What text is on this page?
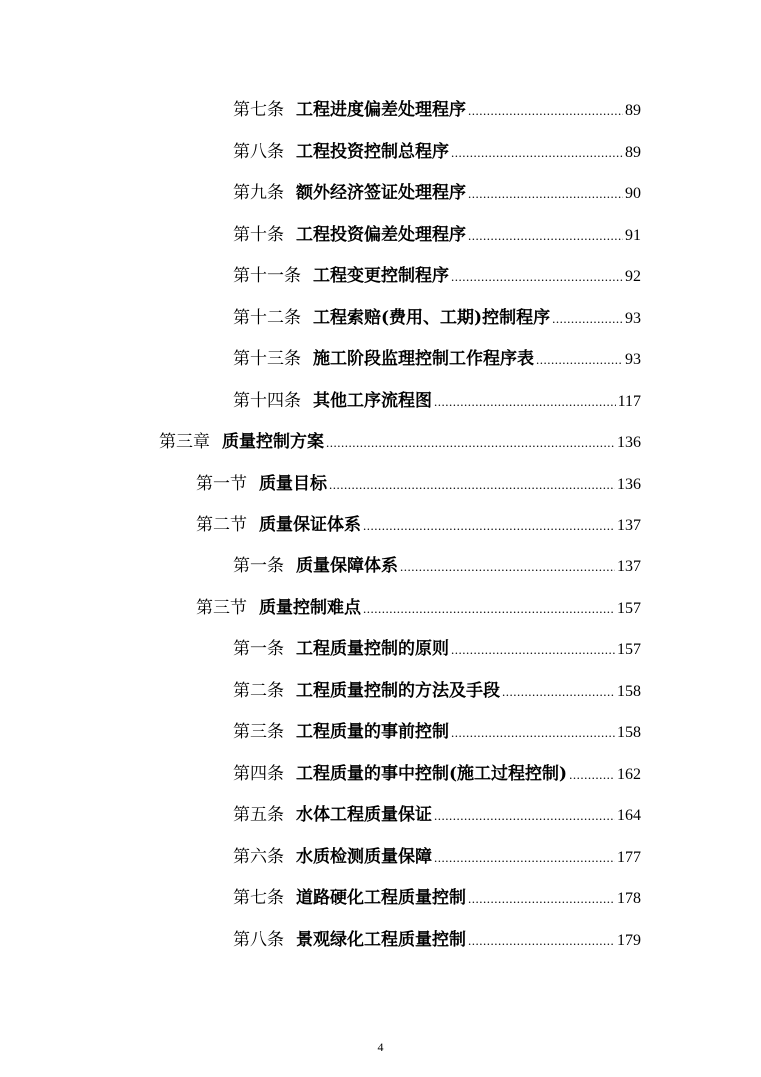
第七条 工程进度偏差处理程序 .....	89
第八条 工程投资控制总程序 .....	89
第九条 额外经济签证处理程序 .....	90
第十条 工程投资偏差处理程序 .....	91
第十一条 工程变更控制程序 .....	92
第十二条 工程索赔(费用、工期)控制程序 .....	93
第十三条 施工阶段监理控制工作程序表 .....	93
第十四条 其他工序流程图 .....	117
第三章 质量控制方案 .....	136
第一节 质量目标 .....	136
第二节 质量保证体系 .....	137
第一条 质量保障体系 .....	137
第三节 质量控制难点 .....	157
第一条 工程质量控制的原则 .....	157
第二条 工程质量控制的方法及手段 .....	158
第三条 工程质量的事前控制 .....	158
第四条 工程质量的事中控制(施工过程控制) .....	162
第五条 水体工程质量保证 .....	164
第六条 水质检测质量保障 .....	177
第七条 道路硬化工程质量控制 .....	178
第八条 景观绿化工程质量控制 .....	179
4
